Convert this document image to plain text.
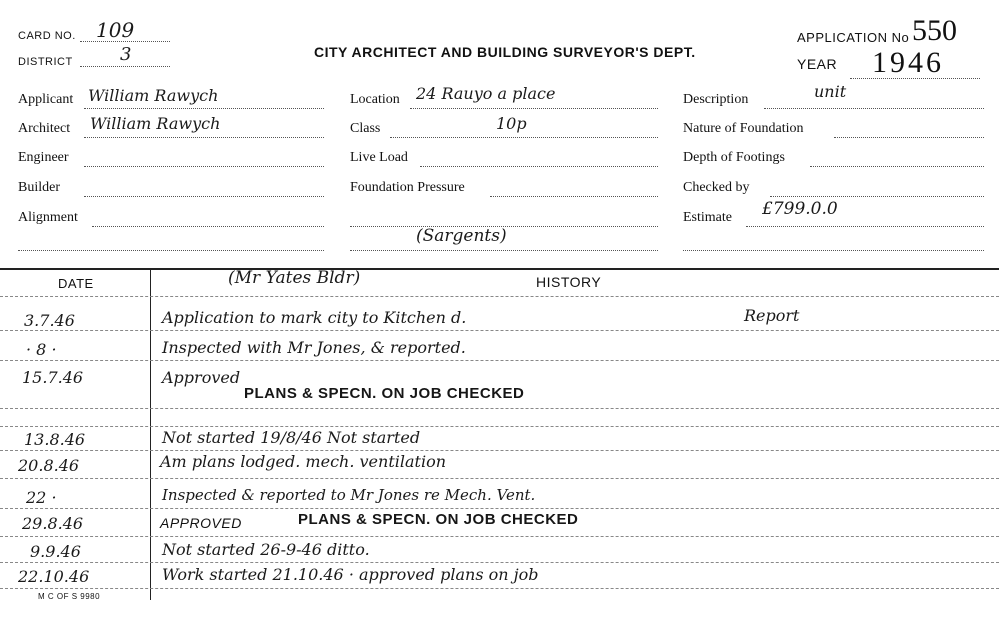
CARD NO. 109
DISTRICT	3	CITY ARCHITECT AND BUILDING SURVEYOR'S DEPT.
APPLICATION No 550
YEAR 1946
Applicant William Rawych
Architect William Rawych
Engineer
Builder
Alignment
Location 24 Rauyo a place
Class	10p
Live Load
Foundation Pressure
(Sargents)
Description	unit
Nature of Foundation
Depth of Footings
Checked by
Estimate £799.0.0
DATE	(Mr Yates Bldr)	HISTORY
3.7.46	Application to mark city to Kitchen d.	Report
· 8 ·	Inspected with Mr Jones, & reported.
15.7.46	Approved
PLANS & SPECN. ON JOB CHECKED
13.8.46	Not started 19/8/46 Not started
20.8.46	Am plans lodged. mech. ventilation
22 ·	Inspected & reported to Mr Jones re Mech. Vent.
29.8.46	APPROVED	PLANS & SPECN. ON JOB CHECKED
9.9.46	Not started 26-9-46 ditto.
22.10.46	Work started 21.10.46 · approved plans on job
M C OF S 9980
